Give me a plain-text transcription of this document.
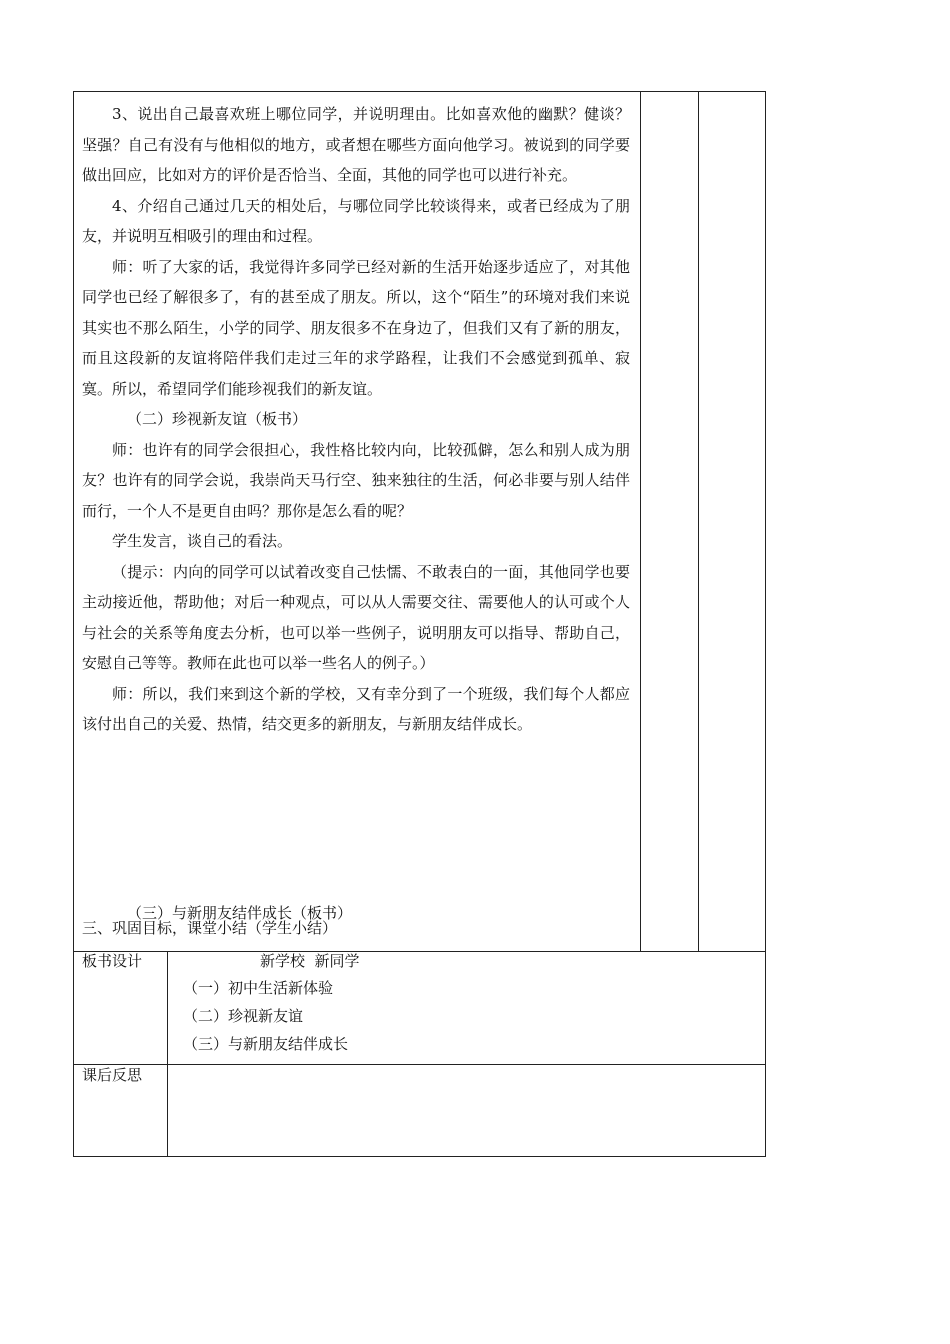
3、说出自己最喜欢班上哪位同学，并说明理由。比如喜欢他的幽默？健谈？坚强？自己有没有与他相似的地方，或者想在哪些方面向他学习。被说到的同学要做出回应，比如对方的评价是否恰当、全面，其他的同学也可以进行补充。

4、介绍自己通过几天的相处后，与哪位同学比较谈得来，或者已经成为了朋友，并说明互相吸引的理由和过程。

师：听了大家的话，我觉得许多同学已经对新的生活开始逐步适应了，对其他同学也已经了解很多了，有的甚至成了朋友。所以，这个“陌生”的环境对我们来说其实也不那么陌生，小学的同学、朋友很多不在身边了，但我们又有了新的朋友，而且这段新的友谊将陪伴我们走过三年的求学路程，让我们不会感觉到孤单、寂寞。所以，希望同学们能珍视我们的新友谊。

（二）珍视新友谊（板书）

师：也许有的同学会很担心，我性格比较内向，比较孤僻，怎么和别人成为朋友？也许有的同学会说，我崇尚天马行空、独来独往的生活，何必非要与别人结伴而行，一个人不是更自由吗？那你是怎么看的呢？

学生发言，谈自己的看法。

（提示：内向的同学可以试着改变自己怯懦、不敢表白的一面，其他同学也要主动接近他，帮助他；对后一种观点，可以从人需要交往、需要他人的认可或个人与社会的关系等角度去分析，也可以举一些例子，说明朋友可以指导、帮助自己，安慰自己等等。教师在此也可以举一些名人的例子。）

师：所以，我们来到这个新的学校，又有幸分到了一个班级，我们每个人都应该付出自己的关爱、热情，结交更多的新朋友，与新朋友结伴成长。

（三）与新朋友结伴成长（板书）
三、巩固目标，课堂小结（学生小结）
板书设计	新学校  新同学
（一）初中生活新体验
（二）珍视新友谊
（三）与新朋友结伴成长
课后反思
